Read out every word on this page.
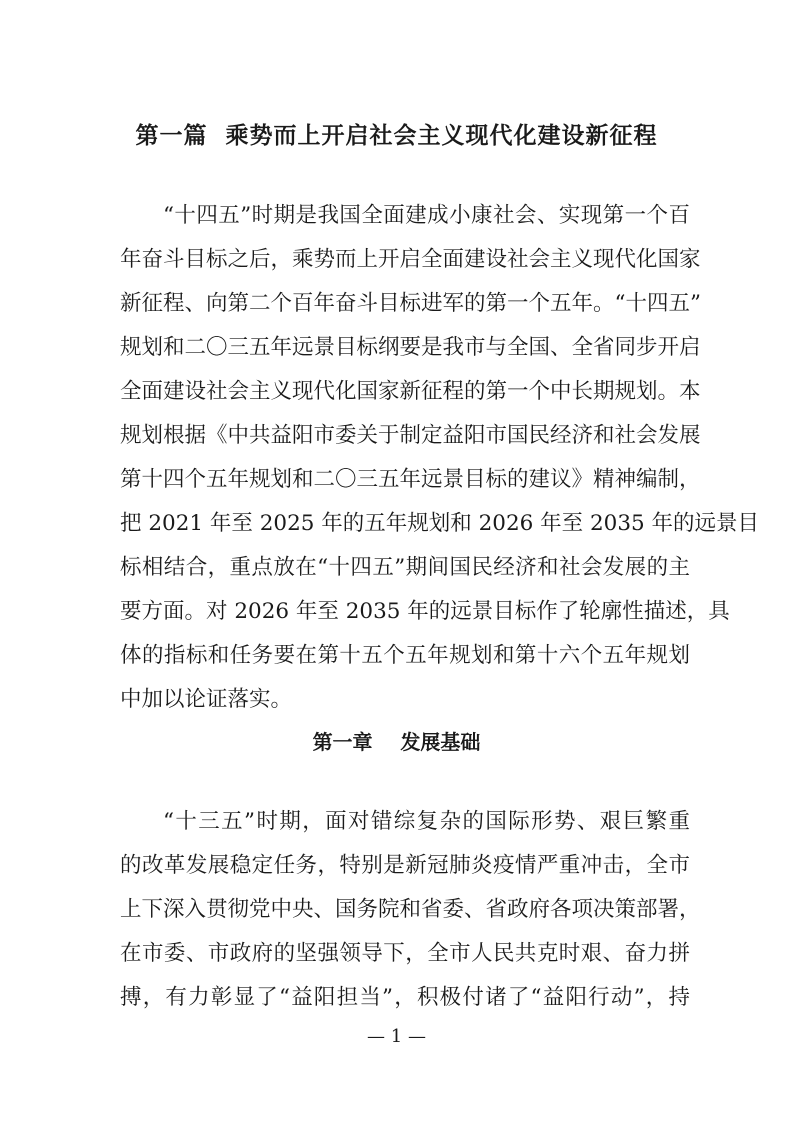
第一篇  乘势而上开启社会主义现代化建设新征程
“十四五”时期是我国全面建成小康社会、实现第一个百
年奋斗目标之后，乘势而上开启全面建设社会主义现代化国家
新征程、向第二个百年奋斗目标进军的第一个五年。“十四五”
规划和二〇三五年远景目标纲要是我市与全国、全省同步开启
全面建设社会主义现代化国家新征程的第一个中长期规划。本
规划根据《中共益阳市委关于制定益阳市国民经济和社会发展
第十四个五年规划和二〇三五年远景目标的建议》精神编制，
把 2021 年至 2025 年的五年规划和 2026 年至 2035 年的远景目
标相结合，重点放在“十四五”期间国民经济和社会发展的主
要方面。对 2026 年至 2035 年的远景目标作了轮廓性描述，具
体的指标和任务要在第十五个五年规划和第十六个五年规划
中加以论证落实。
第一章    发展基础
“十三五”时期，面对错综复杂的国际形势、艰巨繁重
的改革发展稳定任务，特别是新冠肺炎疫情严重冲击，全市
上下深入贯彻党中央、国务院和省委、省政府各项决策部署，
在市委、市政府的坚强领导下，全市人民共克时艰、奋力拼
搏，有力彰显了“益阳担当”，积极付诸了“益阳行动”，持
— 1 —
